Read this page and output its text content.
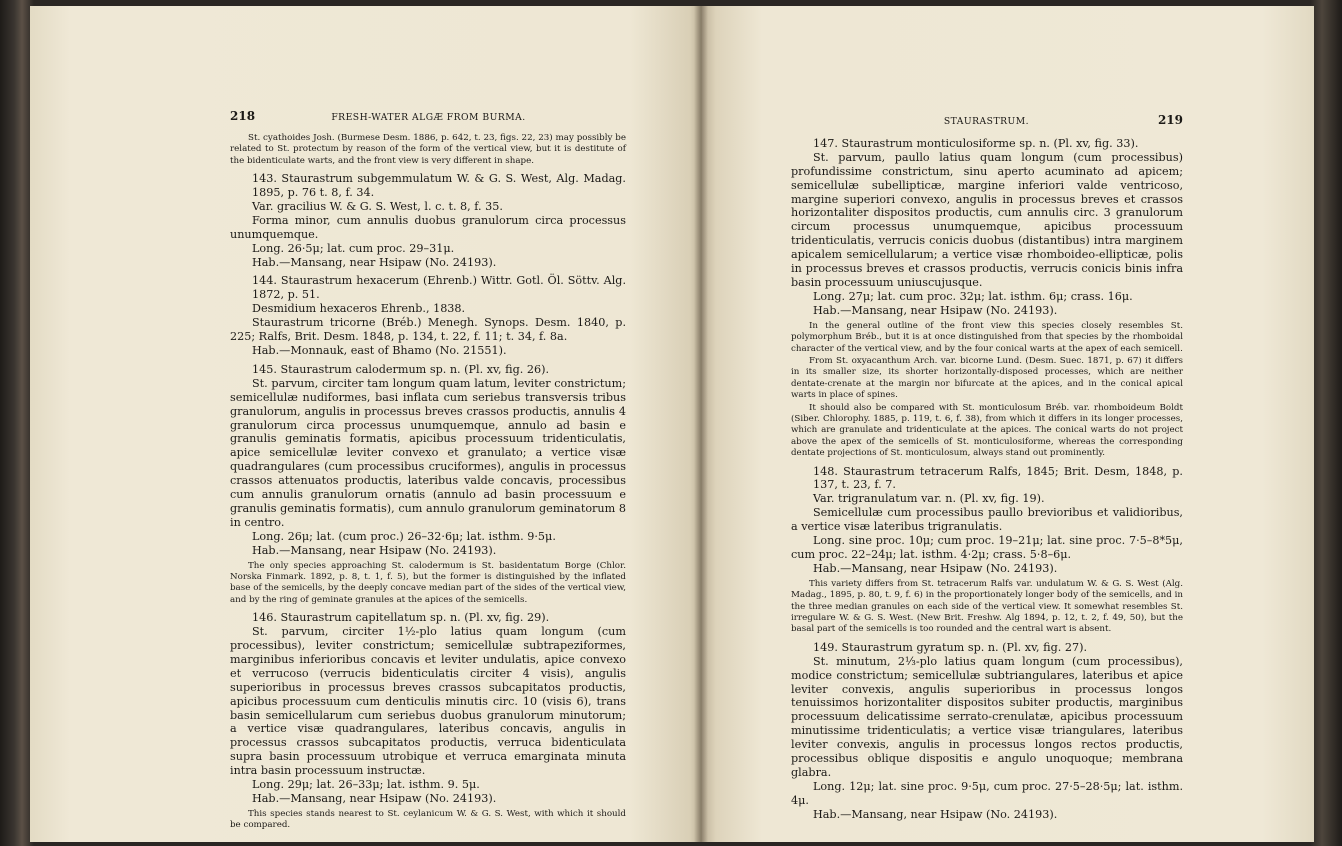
218	FRESH-WATER ALGÆ FROM BURMA.

St. cyathoides Josh. (Burmese Desm. 1886, p. 642, t. 23, figs. 22, 23) may possibly be related to St. protectum by reason of the form of the vertical view, but it is destitute of the bidenticulate warts, and the front view is very different in shape.

143. Staurastrum subgemmulatum W. & G. S. West, Alg. Madag. 1895, p. 76 t. 8, f. 34.

Var. gracilius W. & G. S. West, l. c. t. 8, f. 35.

Forma minor, cum annulis duobus granulorum circa processus unumquemque.

Long. 26·5μ; lat. cum proc. 29–31μ.

Hab.—Mansang, near Hsipaw (No. 24193).

144. Staurastrum hexacerum (Ehrenb.) Wittr. Gotl. Öl. Söttv. Alg. 1872, p. 51.

Desmidium hexaceros Ehrenb., 1838.

Staurastrum tricorne (Bréb.) Menegh. Synops. Desm. 1840, p. 225; Ralfs, Brit. Desm. 1848, p. 134, t. 22, f. 11; t. 34, f. 8a.

Hab.—Monnauk, east of Bhamo (No. 21551).

145. Staurastrum calodermum sp. n. (Pl. xv, fig. 26).

St. parvum, circiter tam longum quam latum, leviter constrictum; semicellulæ nudiformes, basi inflata cum seriebus transversis tribus granulorum, angulis in processus breves crassos productis, annulis 4 granulorum circa processus unumquemque, annulo ad basin e granulis geminatis formatis, apicibus processuum tridenticulatis, apice semicellulæ leviter convexo et granulato; a vertice visæ quadrangulares (cum processibus cruciformes), angulis in processus crassos attenuatos productis, lateribus valde concavis, processibus cum annulis granulorum ornatis (annulo ad basin processuum e granulis geminatis formatis), cum annulo granulorum geminatorum 8 in centro.

Long. 26μ; lat. (cum proc.) 26–32·6μ; lat. isthm. 9·5μ.

Hab.—Mansang, near Hsipaw (No. 24193).

The only species approaching St. calodermum is St. basidentatum Borge (Chlor. Norska Finmark. 1892, p. 8, t. 1, f. 5), but the former is distinguished by the inflated base of the semicells, by the deeply concave median part of the sides of the vertical view, and by the ring of geminate granules at the apices of the semicells.

146. Staurastrum capitellatum sp. n. (Pl. xv, fig. 29).

St. parvum, circiter 1½-plo latius quam longum (cum processibus), leviter constrictum; semicellulæ subtrapeziformes, marginibus inferioribus concavis et leviter undulatis, apice convexo et verrucoso (verrucis bidenticulatis circiter 4 visis), angulis superioribus in processus breves crassos subcapitatos productis, apicibus processuum cum denticulis minutis circ. 10 (visis 6), trans basin semicellularum cum seriebus duobus granulorum minutorum; a vertice visæ quadrangulares, lateribus concavis, angulis in processus crassos subcapitatos productis, verruca bidenticulata supra basin processuum utrobique et verruca emarginata minuta intra basin processuum instructæ.

Long. 29μ; lat. 26–33μ; lat. isthm. 9. 5μ.

Hab.—Mansang, near Hsipaw (No. 24193).

This species stands nearest to St. ceylanicum W. & G. S. West, with which it should be compared.

STAURASTRUM.	219

147. Staurastrum monticulosiforme sp. n. (Pl. xv, fig. 33).

St. parvum, paullo latius quam longum (cum processibus) profundissime constrictum, sinu aperto acuminato ad apicem; semicellulæ subellipticæ, margine inferiori valde ventricoso, margine superiori convexo, angulis in processus breves et crassos horizontaliter dispositos productis, cum annulis circ. 3 granulorum circum processus unumquemque, apicibus processuum tridenticulatis, verrucis conicis duobus (distantibus) intra marginem apicalem semicellularum; a vertice visæ rhomboideo-ellipticæ, polis in processus breves et crassos productis, verrucis conicis binis infra basin processuum uniuscujusque.

Long. 27μ; lat. cum proc. 32μ; lat. isthm. 6μ; crass. 16μ.

Hab.—Mansang, near Hsipaw (No. 24193).

In the general outline of the front view this species closely resembles St. polymorphum Bréb., but it is at once distinguished from that species by the rhomboidal character of the vertical view, and by the four conical warts at the apex of each semicell.

From St. oxyacanthum Arch. var. bicorne Lund. (Desm. Suec. 1871, p. 67) it differs in its smaller size, its shorter horizontally-disposed processes, which are neither dentate-crenate at the margin nor bifurcate at the apices, and in the conical apical warts in place of spines.

It should also be compared with St. monticulosum Bréb. var. rhomboideum Boldt (Siber. Chlorophy. 1885, p. 119, t. 6, f. 38), from which it differs in its longer processes, which are granulate and tridenticulate at the apices. The conical warts do not project above the apex of the semicells of St. monticulosiforme, whereas the corresponding dentate projections of St. monticulosum, always stand out prominently.

148. Staurastrum tetracerum Ralfs, 1845; Brit. Desm, 1848, p. 137, t. 23, f. 7.

Var. trigranulatum var. n. (Pl. xv, fig. 19).

Semicellulæ cum processibus paullo brevioribus et validioribus, a vertice visæ lateribus trigranulatis.

Long. sine proc. 10μ; cum proc. 19–21μ; lat. sine proc. 7·5–8*5μ, cum proc. 22–24μ; lat. isthm. 4·2μ; crass. 5·8–6μ.

Hab.—Mansang, near Hsipaw (No. 24193).

This variety differs from St. tetracerum Ralfs var. undulatum W. & G. S. West (Alg. Madag., 1895, p. 80, t. 9, f. 6) in the proportionately longer body of the semicells, and in the three median granules on each side of the vertical view. It somewhat resembles St. irregulare W. & G. S. West. (New Brit. Freshw. Alg 1894, p. 12, t. 2, f. 49, 50), but the basal part of the semicells is too rounded and the central wart is absent.

149. Staurastrum gyratum sp. n. (Pl. xv, fig. 27).

St. minutum, 2⅓-plo latius quam longum (cum processibus), modice constrictum; semicellulæ subtriangulares, lateribus et apice leviter convexis, angulis superioribus in processus longos tenuissimos horizontaliter dispositos subiter productis, marginibus processuum delicatissime serrato-crenulatæ, apicibus processuum minutissime tridenticulatis; a vertice visæ triangulares, lateribus leviter convexis, angulis in processus longos rectos productis, processibus oblique dispositis e angulo unoquoque; membrana glabra.

Long. 12μ; lat. sine proc. 9·5μ, cum proc. 27·5–28·5μ; lat. isthm. 4μ.

Hab.—Mansang, near Hsipaw (No. 24193).
